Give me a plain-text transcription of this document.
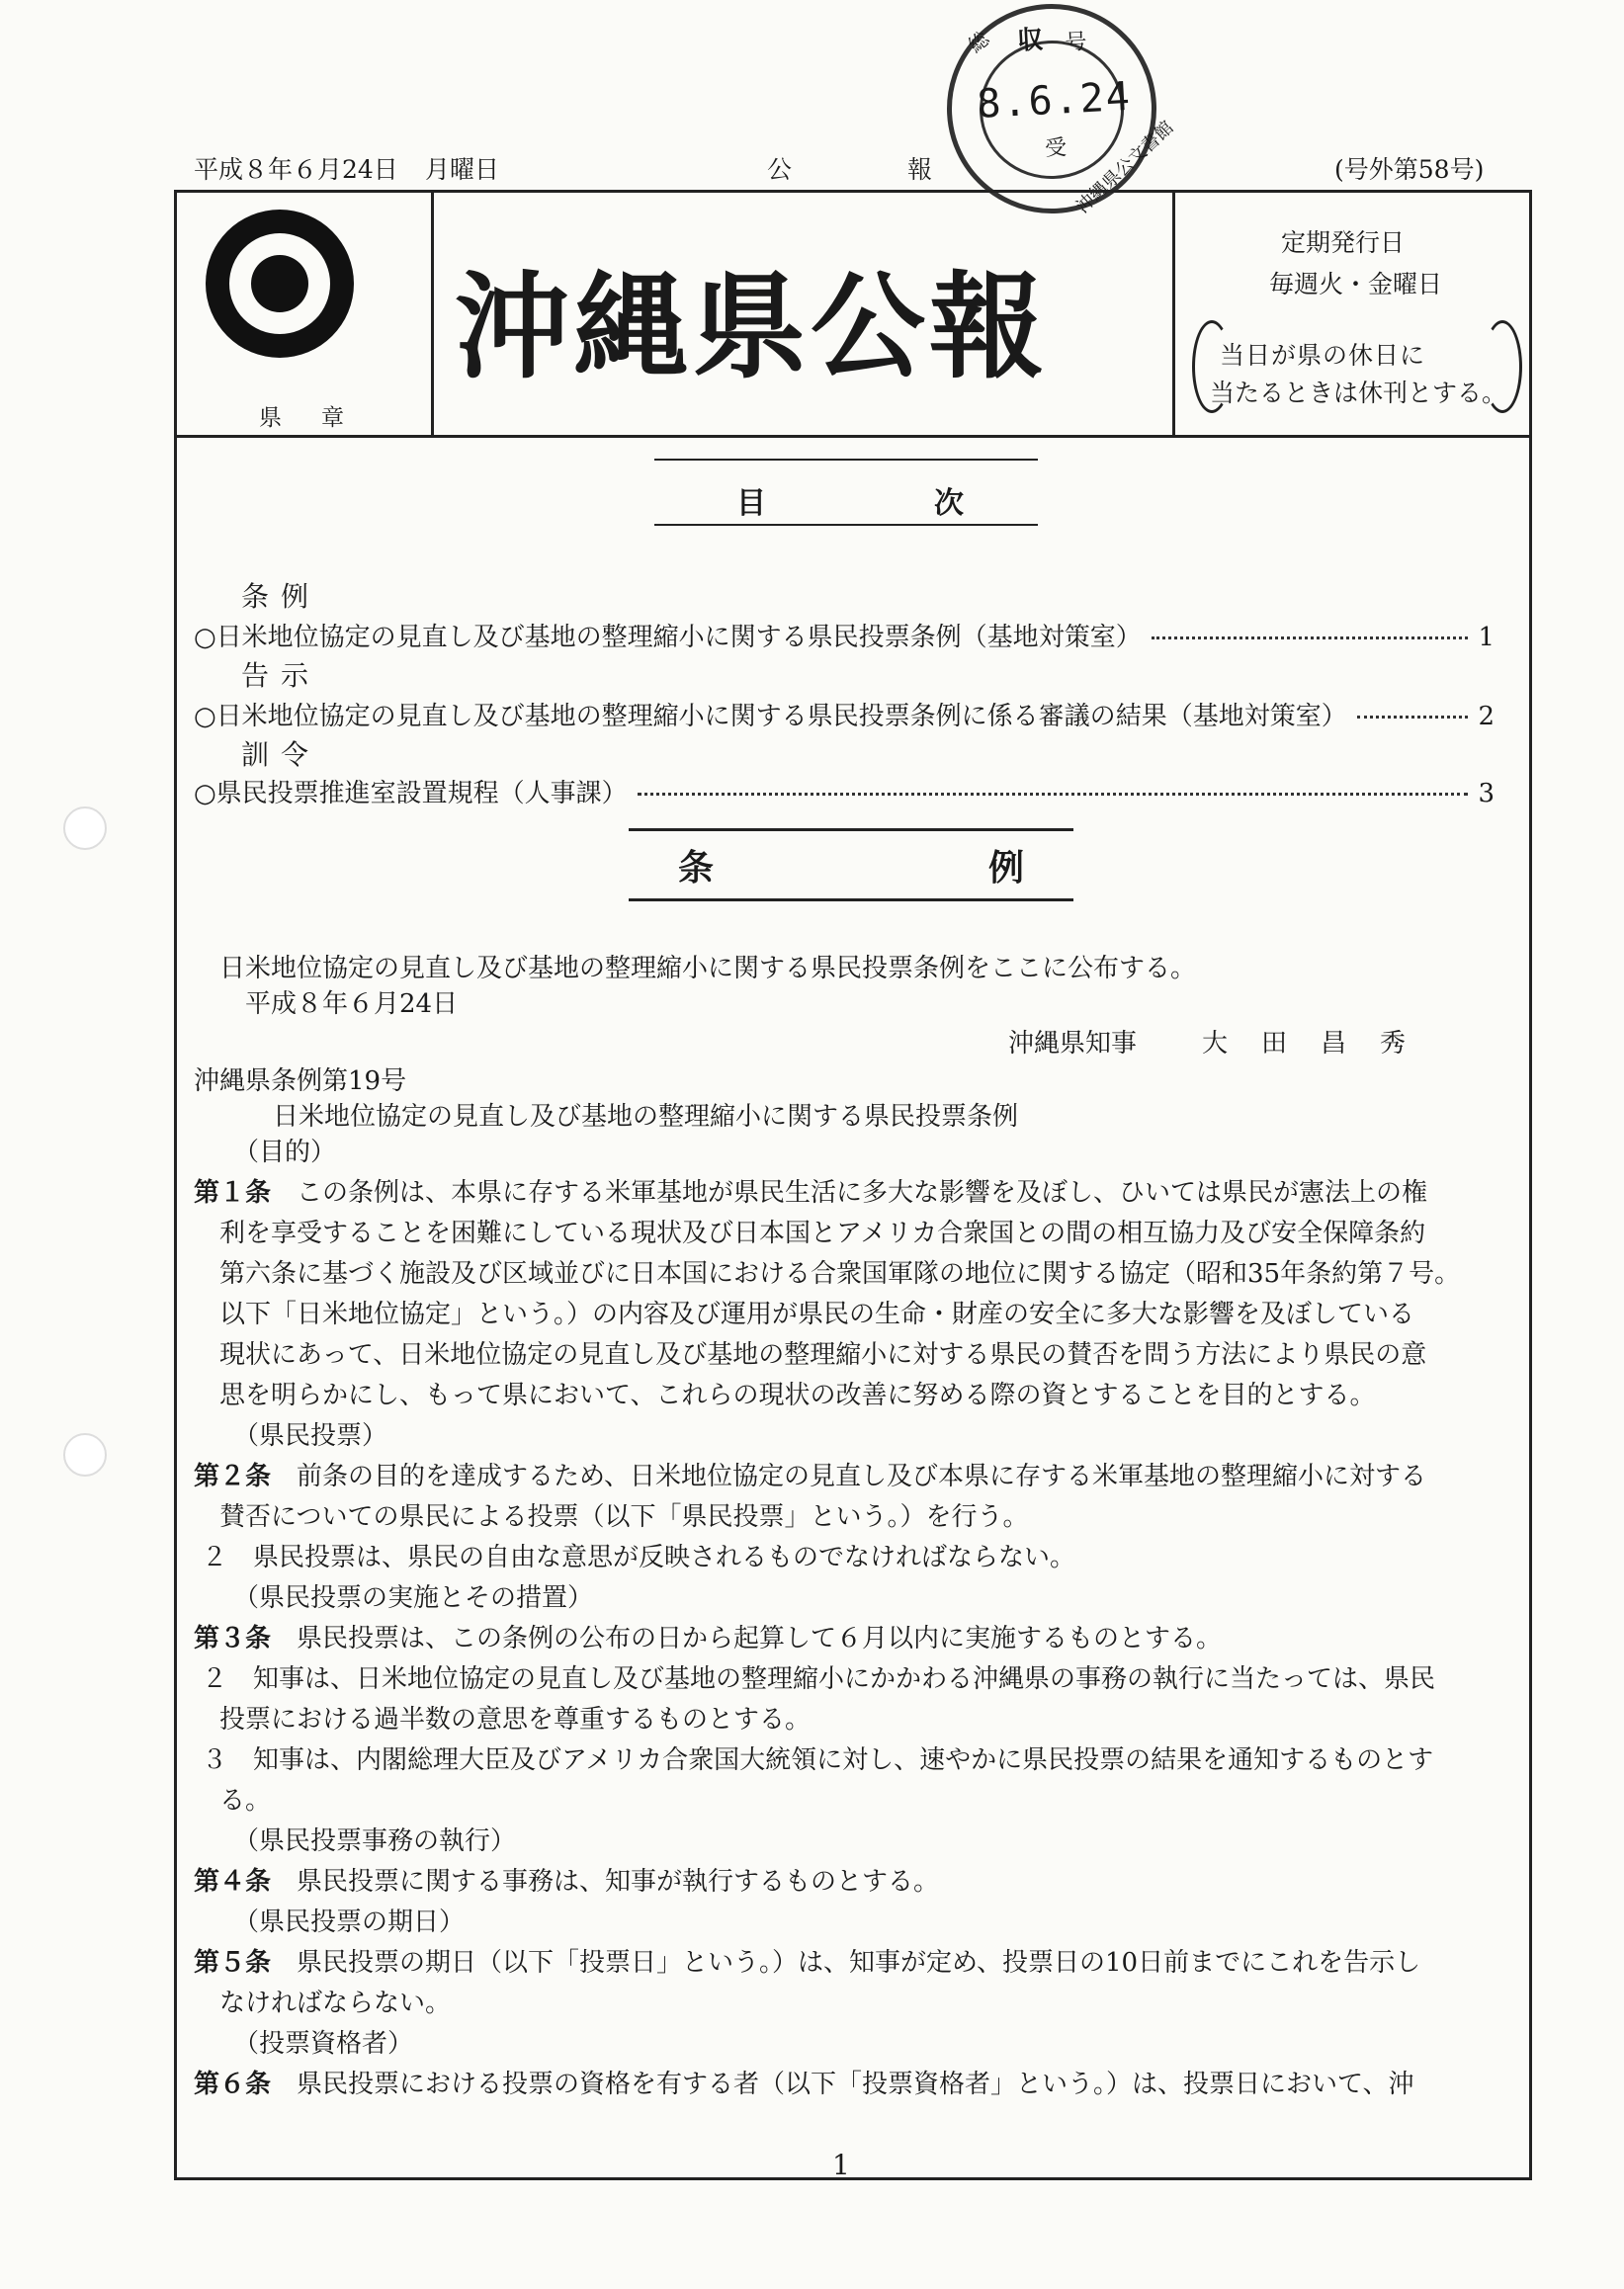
総 収 号
8.6.24
受 沖縄県公文書館
平成８年６月24日 月曜日	公	報	(号外第58号)
県章
沖縄県公報
定期発行日
毎週火・金曜日
当日が県の休日に
当たるときは休刊とする。
目	次
条例
○日米地位協定の見直し及び基地の整理縮小に関する県民投票条例（基地対策室）	1
告示
○日米地位協定の見直し及び基地の整理縮小に関する県民投票条例に係る審議の結果（基地対策室）	2
訓令
○県民投票推進室設置規程（人事課）	3
条	例
日米地位協定の見直し及び基地の整理縮小に関する県民投票条例をここに公布する。
平成８年６月24日
沖縄県知事	大　田　昌　秀
沖縄県条例第19号
日米地位協定の見直し及び基地の整理縮小に関する県民投票条例
（目的）
第１条　 この条例は、本県に存する米軍基地が県民生活に多大な影響を及ぼし、ひいては県民が憲法上の権
利を享受することを困難にしている現状及び日本国とアメリカ合衆国との間の相互協力及び安全保障条約
第六条に基づく施設及び区域並びに日本国における合衆国軍隊の地位に関する協定（昭和35年条約第７号。
以下「日米地位協定」という。）の内容及び運用が県民の生命・財産の安全に多大な影響を及ぼしている
現状にあって、日米地位協定の見直し及び基地の整理縮小に対する県民の賛否を問う方法により県民の意
思を明らかにし、もって県において、これらの現状の改善に努める際の資とすることを目的とする。
（県民投票）
第２条　 前条の目的を達成するため、日米地位協定の見直し及び本県に存する米軍基地の整理縮小に対する
賛否についての県民による投票（以下「県民投票」という。）を行う。
２　県民投票は、県民の自由な意思が反映されるものでなければならない。
（県民投票の実施とその措置）
第３条　 県民投票は、この条例の公布の日から起算して６月以内に実施するものとする。
２　知事は、日米地位協定の見直し及び基地の整理縮小にかかわる沖縄県の事務の執行に当たっては、県民
投票における過半数の意思を尊重するものとする。
３　知事は、内閣総理大臣及びアメリカ合衆国大統領に対し、速やかに県民投票の結果を通知するものとす
る。
（県民投票事務の執行）
第４条　 県民投票に関する事務は、知事が執行するものとする。
（県民投票の期日）
第５条　 県民投票の期日（以下「投票日」という。）は、知事が定め、投票日の10日前までにこれを告示し
なければならない。
（投票資格者）
第６条　 県民投票における投票の資格を有する者（以下「投票資格者」という。）は、投票日において、沖
1
